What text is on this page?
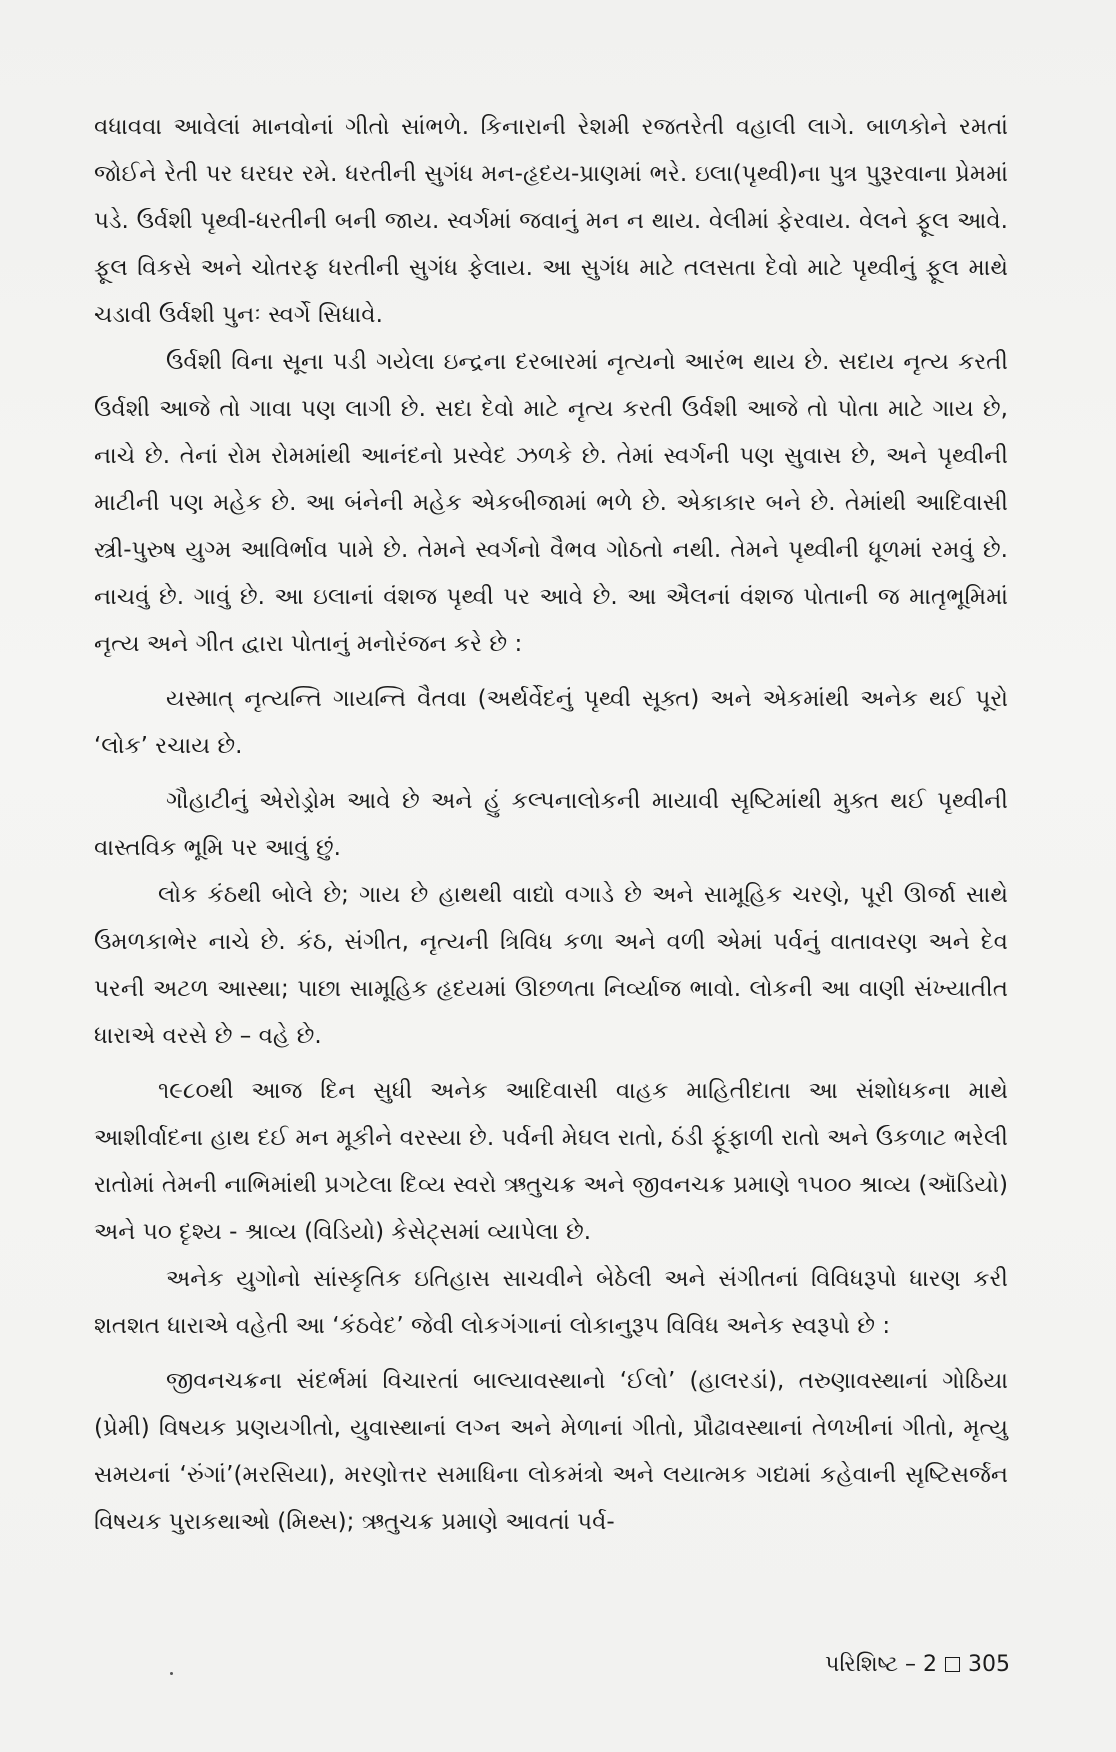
વધાવવા આવેલાં માનવોનાં ગીતો સાંભળે. કિનારાની રેશમી રજતરેતી વહાલી લાગે. બાળકોને રમતાં જોઈને રેતી પર ઘરઘર રમે. ધરતીની સુગંધ મન-હૃદય-પ્રાણમાં ભરે. ઇલા(પૃથ્વી)ના પુત્ર પુરૂરવાના પ્રેમમાં પડે. ઉર્વશી પૃથ્વી-ધરતીની બની જાય. સ્વર્ગમાં જવાનું મન ન થાય. વેલીમાં ફેરવાય. વેલને ફૂલ આવે. ફૂલ વિકસે અને ચોતરફ ધરતીની સુગંધ ફેલાય. આ સુગંધ માટે તલસતા દેવો માટે પૃથ્વીનું ફૂલ માથે ચડાવી ઉર્વશી પુનઃ સ્વર્ગે સિધાવે.

ઉર્વશી વિના સૂના પડી ગયેલા ઇન્દ્રના દરબારમાં નૃત્યનો આરંભ થાય છે. સદાય નૃત્ય કરતી ઉર્વશી આજે તો ગાવા પણ લાગી છે. સદા દેવો માટે નૃત્ય કરતી ઉર્વશી આજે તો પોતા માટે ગાય છે, નાચે છે. તેનાં રોમ રોમમાંથી આનંદનો પ્રસ્વેદ ઝળકે છે. તેમાં સ્વર્ગની પણ સુવાસ છે, અને પૃથ્વીની માટીની પણ મહેક છે. આ બંનેની મહેક એકબીજામાં ભળે છે. એકાકાર બને છે. તેમાંથી આદિવાસી સ્ત્રી-પુરુષ યુગ્મ આવિર્ભાવ પામે છે. તેમને સ્વર્ગનો વૈભવ ગોઠતો નથી. તેમને પૃથ્વીની ધૂળમાં રમવું છે. નાચવું છે. ગાવું છે. આ ઇલાનાં વંશજ પૃથ્વી પર આવે છે. આ ઐલનાં વંશજ પોતાની જ માતૃભૂમિમાં નૃત્ય અને ગીત દ્વારા પોતાનું મનોરંજન કરે છે :

યસ્માત્ નૃત્યન્તિ ગાયન્તિ વૈતવા (અર્થર્વેદનું પૃથ્વી સૂક્ત) અને એકમાંથી અનેક થઈ પૂરો ‘લોક’ રચાય છે.

ગૌહાટીનું એરોડ્રોમ આવે છે અને હું કલ્પનાલોકની માયાવી સૃષ્ટિમાંથી મુક્ત થઈ પૃથ્વીની વાસ્તવિક ભૂમિ પર આવું છું.

લોક કંઠથી બોલે છે; ગાય છે હાથથી વાદ્યો વગાડે છે અને સામૂહિક ચરણે, પૂરી ઊર્જા સાથે ઉમળકાભેર નાચે છે. કંઠ, સંગીત, નૃત્યની ત્રિવિધ કળા અને વળી એમાં પર્વનું વાતાવરણ અને દેવ પરની અટળ આસ્થા; પાછા સામૂહિક હૃદયમાં ઊછળતા નિર્વ્યાજ ભાવો. લોકની આ વાણી સંખ્યાતીત ધારાએ વરસે છે – વહે છે.

૧૯૮૦થી આજ દિન સુધી અનેક આદિવાસી વાહક માહિતીદાતા આ સંશોધકના માથે આશીર્વાદના હાથ દઈ મન મૂકીને વરસ્યા છે. પર્વની મેઘલ રાતો, ઠંડી ફૂંફાળી રાતો અને ઉકળાટ ભરેલી રાતોમાં તેમની નાભિમાંથી પ્રગટેલા દિવ્ય સ્વરો ઋતુચક્ર અને જીવનચક્ર પ્રમાણે ૧૫૦૦ શ્રાવ્ય (ઑડિયો) અને ૫૦ દૃશ્ય - શ્રાવ્ય (વિડિયો) કેસેટ્સમાં વ્યાપેલા છે.

અનેક યુગોનો સાંસ્કૃતિક ઇતિહાસ સાચવીને બેઠેલી અને સંગીતનાં વિવિધરૂપો ધારણ કરી શતશત ધારાએ વહેતી આ ‘કંઠવેદ’ જેવી લોકગંગાનાં લોકાનુરૂપ વિવિધ અનેક સ્વરૂપો છે :

જીવનચક્રના સંદર્ભમાં વિચારતાં બાલ્યાવસ્થાનો ‘ઈલો’ (હાલરડાં), તરુણાવસ્થાનાં ગોઠિયા (પ્રેમી) વિષયક પ્રણયગીતો, યુવાસ્થાનાં લગ્ન અને મેળાનાં ગીતો, પ્રૌઢાવસ્થાનાં તેળખીનાં ગીતો, મૃત્યુ સમયનાં ‘રુંગાં’(મરસિયા), મરણોત્તર સમાધિના લોકમંત્રો અને લયાત્મક ગદ્યમાં કહેવાની સૃષ્ટિસર્જન વિષયક પુરાકથાઓ (મિથ્સ); ઋતુચક્ર પ્રમાણે આવતાં પર્વ-

પરિશિષ્ટ – 2 305
